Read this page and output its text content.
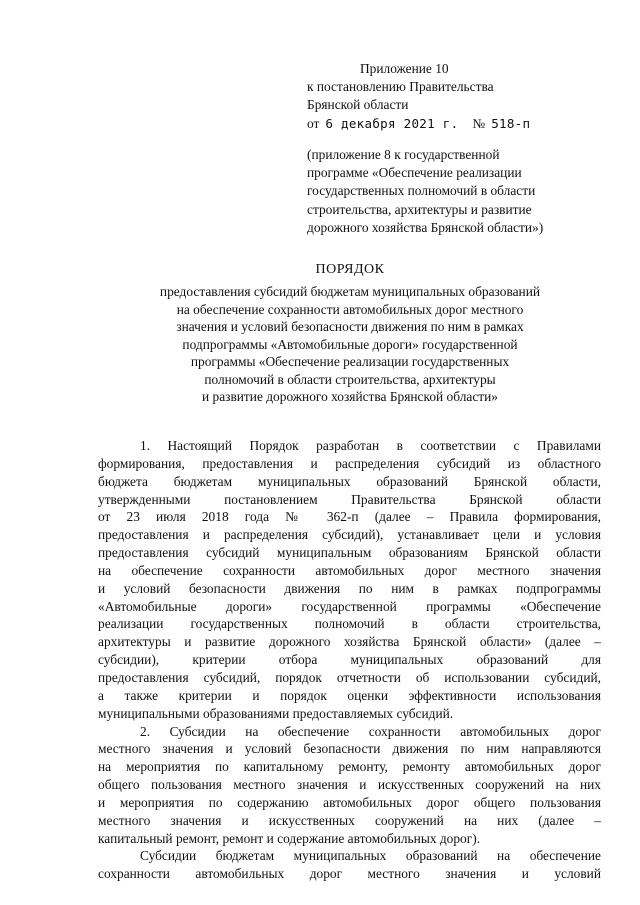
Приложение 10
к постановлению Правительства
Брянской области
от 6 декабря 2021 г. № 518-п
(приложение 8 к государственной
программе «Обеспечение реализации
государственных полномочий в области
строительства, архитектуры и развитие
дорожного хозяйства Брянской области»)
ПОРЯДОК
предоставления субсидий бюджетам муниципальных образований
на обеспечение сохранности автомобильных дорог местного
значения и условий безопасности движения по ним в рамках
подпрограммы «Автомобильные дороги» государственной
программы «Обеспечение реализации государственных
полномочий в области строительства, архитектуры
и развитие дорожного хозяйства Брянской области»
1. Настоящий Порядок разработан в соответствии с Правилами
формирования, предоставления и распределения субсидий из областного
бюджета бюджетам муниципальных образований Брянской области,
утвержденными постановлением Правительства Брянской области
от 23 июля 2018 года № 362-п (далее – Правила формирования,
предоставления и распределения субсидий), устанавливает цели и условия
предоставления субсидий муниципальным образованиям Брянской области
на обеспечение сохранности автомобильных дорог местного значения
и условий безопасности движения по ним в рамках подпрограммы
«Автомобильные дороги» государственной программы «Обеспечение
реализации государственных полномочий в области строительства,
архитектуры и развитие дорожного хозяйства Брянской области» (далее –
субсидии), критерии отбора муниципальных образований для
предоставления субсидий, порядок отчетности об использовании субсидий,
а также критерии и порядок оценки эффективности использования
муниципальными образованиями предоставляемых субсидий.
2. Субсидии на обеспечение сохранности автомобильных дорог
местного значения и условий безопасности движения по ним направляются
на мероприятия по капитальному ремонту, ремонту автомобильных дорог
общего пользования местного значения и искусственных сооружений на них
и мероприятия по содержанию автомобильных дорог общего пользования
местного значения и искусственных сооружений на них (далее –
капитальный ремонт, ремонт и содержание автомобильных дорог).
Субсидии бюджетам муниципальных образований на обеспечение
сохранности автомобильных дорог местного значения и условий
